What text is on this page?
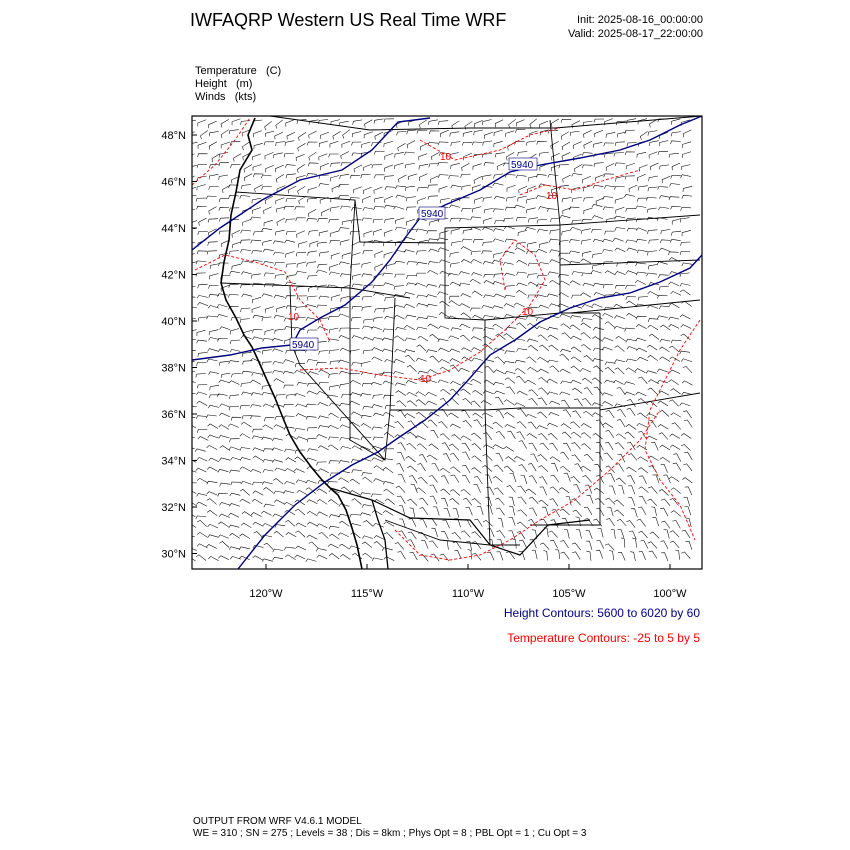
IWFAQRP Western US Real Time WRF	Init: 2025-08-16_00:00:00
Valid: 2025-08-17_22:00:00
Temperature (C)
Height (m)
Winds (kts)
5940
5940
5940
10
10
10	10
10
48°N
46°N
44°N
42°N
40°N
38°N
36°N
34°N
32°N
30°N
120°W	115°W	110°W	105°W	100°W
Height Contours: 5600 to 6020 by 60
Temperature Contours: -25 to 5 by 5
OUTPUT FROM WRF V4.6.1 MODEL
WE = 310 ; SN = 275 ; Levels = 38 ; Dis = 8km ; Phys Opt = 8 ; PBL Opt = 1 ; Cu Opt = 3
